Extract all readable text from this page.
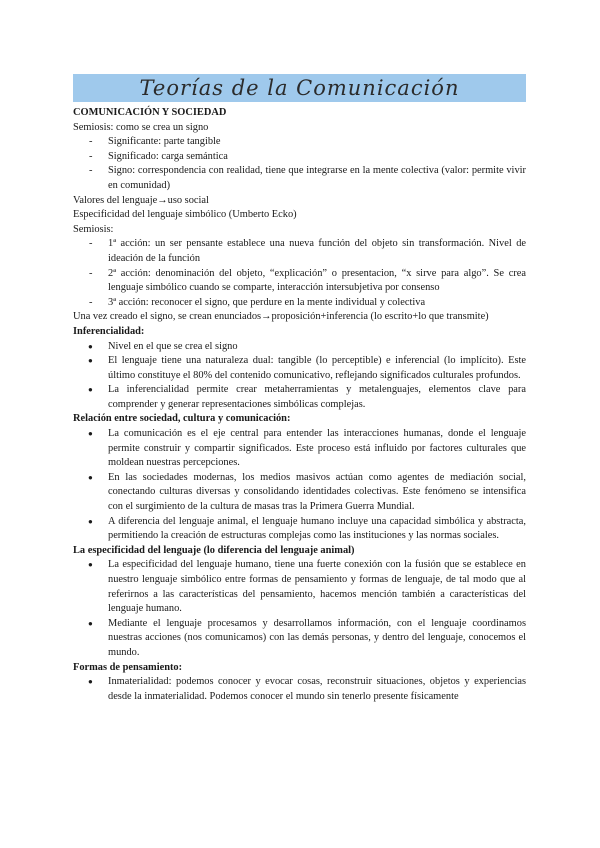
Teorías de la Comunicación
COMUNICACIÓN Y SOCIEDAD
Semiosis: como se crea un signo
- Significante: parte tangible
- Significado: carga semántica
- Signo: correspondencia con realidad, tiene que integrarse en la mente colectiva (valor: permite vivir en comunidad)
Valores del lenguaje→uso social
Especificidad del lenguaje simbólico (Umberto Ecko)
Semiosis:
- 1ª acción: un ser pensante establece una nueva función del objeto sin transformación. Nivel de ideación de la función
- 2ª acción: denominación del objeto, “explicación” o presentacion, “x sirve para algo”. Se crea lenguaje simbólico cuando se comparte, interacción intersubjetiva por consenso
- 3ª acción: reconocer el signo, que perdure en la mente individual y colectiva
Una vez creado el signo, se crean enunciados→proposición+inferencia (lo escrito+lo que transmite)
Inferencialidad:
● Nivel en el que se crea el signo
● El lenguaje tiene una naturaleza dual: tangible (lo perceptible) e inferencial (lo implícito). Este último constituye el 80% del contenido comunicativo, reflejando significados culturales profundos.
● La inferencialidad permite crear metaherramientas y metalenguajes, elementos clave para comprender y generar representaciones simbólicas complejas.
Relación entre sociedad, cultura y comunicación:
● La comunicación es el eje central para entender las interacciones humanas, donde el lenguaje permite construir y compartir significados. Este proceso está influido por factores culturales que moldean nuestras percepciones.
● En las sociedades modernas, los medios masivos actúan como agentes de mediación social, conectando culturas diversas y consolidando identidades colectivas. Este fenómeno se intensifica con el surgimiento de la cultura de masas tras la Primera Guerra Mundial.
● A diferencia del lenguaje animal, el lenguaje humano incluye una capacidad simbólica y abstracta, permitiendo la creación de estructuras complejas como las instituciones y las normas sociales.
La especificidad del lenguaje (lo diferencia del lenguaje animal)
● La especificidad del lenguaje humano, tiene una fuerte conexión con la fusión que se establece en nuestro lenguaje simbólico entre formas de pensamiento y formas de lenguaje, de tal modo que al referirnos a las características del pensamiento, hacemos mención también a características del lenguaje humano.
● Mediante el lenguaje procesamos y desarrollamos información, con el lenguaje coordinamos nuestras acciones (nos comunicamos) con las demás personas, y dentro del lenguaje, conocemos el mundo.
Formas de pensamiento:
● Inmaterialidad: podemos conocer y evocar cosas, reconstruir situaciones, objetos y experiencias desde la inmaterialidad. Podemos conocer el mundo sin tenerlo presente físicamente
